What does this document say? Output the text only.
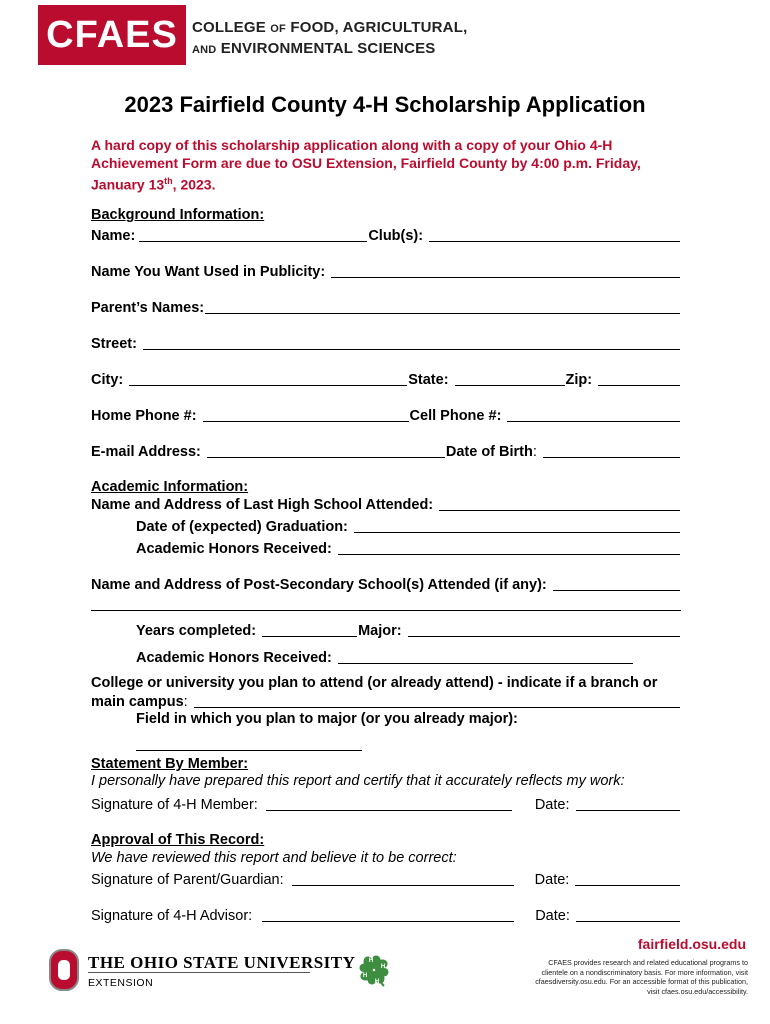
CFAES COLLEGE OF FOOD, AGRICULTURAL,
AND ENVIRONMENTAL SCIENCES
2023 Fairfield County 4-H Scholarship Application
A hard copy of this scholarship application along with a copy of your Ohio 4-H Achievement Form are due to OSU Extension, Fairfield County by 4:00 p.m. Friday, January 13th, 2023.
Background Information:
Name:	Club(s):
Name You Want Used in Publicity:
Parent’s Names:
Street:
City:	State:	Zip:
Home Phone #:	Cell Phone #:
E-mail Address:	Date of Birth:
Academic Information:
Name and Address of Last High School Attended:
Date of (expected) Graduation:
Academic Honors Received:
Name and Address of Post-Secondary School(s) Attended (if any):
Years completed:	Major:
Academic Honors Received:
College or university you plan to attend (or already attend) - indicate if a branch or
main campus:
Field in which you plan to major (or you already major):
Statement By Member:
I personally have prepared this report and certify that it accurately reflects my work:
Signature of 4-H Member:	Date:
Approval of This Record:
We have reviewed this report and believe it to be correct:
Signature of Parent/Guardian:	Date:
Signature of 4-H Advisor:	Date:
fairfield.osu.edu
THE OHIO STATE UNIVERSITY
EXTENSION
H
H
H
H
CFAES provides research and related educational programs to clientele on a nondiscriminatory basis. For more information, visit cfaesdiversity.osu.edu. For an accessible format of this publication, visit cfaes.osu.edu/accessibility.
